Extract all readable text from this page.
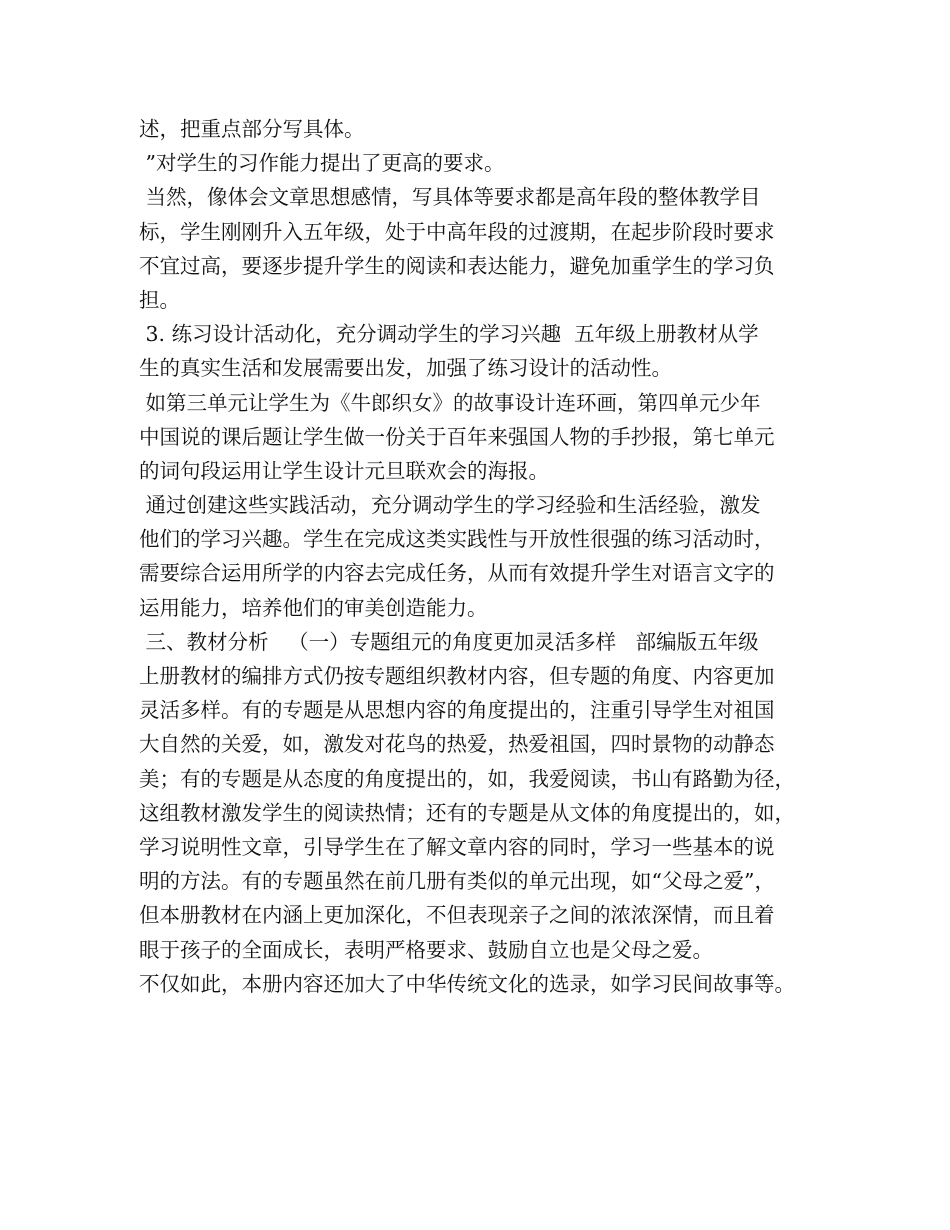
述，把重点部分写具体。
”对学生的习作能力提出了更高的要求。
当然，像体会文章思想感情，写具体等要求都是高年段的整体教学目
标，学生刚刚升入五年级，处于中高年段的过渡期，在起步阶段时要求
不宜过高，要逐步提升学生的阅读和表达能力，避免加重学生的学习负
担。
3. 练习设计活动化，充分调动学生的学习兴趣  五年级上册教材从学
生的真实生活和发展需要出发，加强了练习设计的活动性。
如第三单元让学生为《牛郎织女》的故事设计连环画，第四单元少年
中国说的课后题让学生做一份关于百年来强国人物的手抄报，第七单元
的词句段运用让学生设计元旦联欢会的海报。
通过创建这些实践活动，充分调动学生的学习经验和生活经验，激发
他们的学习兴趣。学生在完成这类实践性与开放性很强的练习活动时，
需要综合运用所学的内容去完成任务，从而有效提升学生对语言文字的
运用能力，培养他们的审美创造能力。
三、教材分析   （一）专题组元的角度更加灵活多样   部编版五年级
上册教材的编排方式仍按专题组织教材内容，但专题的角度、内容更加
灵活多样。有的专题是从思想内容的角度提出的，注重引导学生对祖国
大自然的关爱，如，激发对花鸟的热爱，热爱祖国，四时景物的动静态
美；有的专题是从态度的角度提出的，如，我爱阅读，书山有路勤为径，
这组教材激发学生的阅读热情；还有的专题是从文体的角度提出的，如，
学习说明性文章，引导学生在了解文章内容的同时，学习一些基本的说
明的方法。有的专题虽然在前几册有类似的单元出现，如“父母之爱”，
但本册教材在内涵上更加深化，不但表现亲子之间的浓浓深情，而且着
眼于孩子的全面成长，表明严格要求、鼓励自立也是父母之爱。
不仅如此，本册内容还加大了中华传统文化的选录，如学习民间故事等。
